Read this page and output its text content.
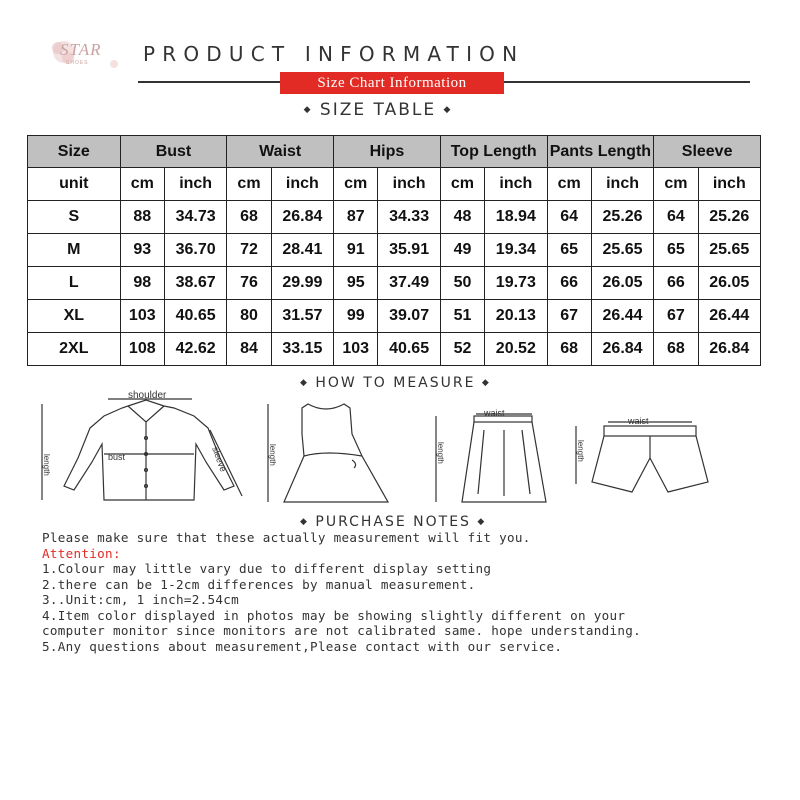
STAR
SHOES	PRODUCT INFORMATION
Size Chart Information
◆ SIZE TABLE ◆
Size	Bust		Waist		Hips		Top Length		Pants Length		Sleeve	
unit	cm	inch	cm	inch	cm	inch	cm	inch	cm	inch	cm	inch
S	88	34.73	68	26.84	87	34.33	48	18.94	64	25.26	64	25.26
M	93	36.70	72	28.41	91	35.91	49	19.34	65	25.65	65	25.65
L	98	38.67	76	29.99	95	37.49	50	19.73	66	26.05	66	26.05
XL	103	40.65	80	31.57	99	39.07	51	20.13	67	26.44	67	26.44
2XL	108	42.62	84	33.15	103	40.65	52	20.52	68	26.84	68	26.84
◆ HOW TO MEASURE ◆
length
shoulder
bust	sleeve	length
waist
length
waist
length
◆ PURCHASE NOTES ◆
Please make sure that these actually measurement will fit you.
Attention:
1.Colour may little vary due to different display setting
2.there can be 1-2cm differences by manual measurement.
3..Unit:cm, 1 inch=2.54cm
4.Item color displayed in photos may be showing slightly different on your
computer monitor since monitors are not calibrated same. hope understanding.
5.Any questions about measurement,Please contact with our service.
